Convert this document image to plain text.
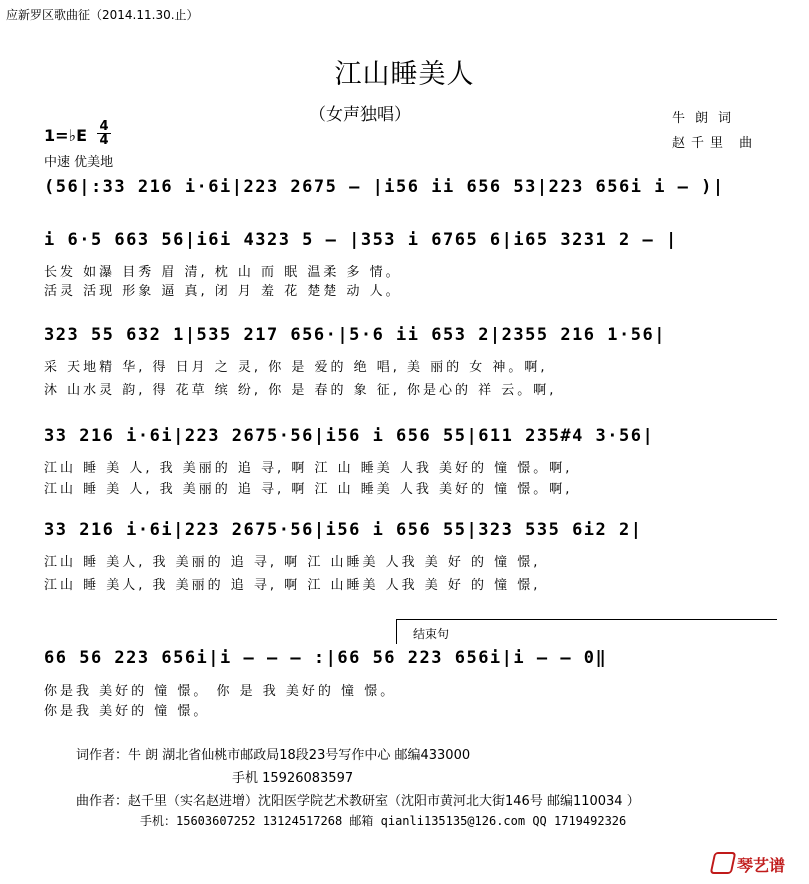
应新罗区歌曲征（2014.11.30.止）
江山睡美人
（女声独唱）	牛朗词
赵千里 曲
1=♭E 4
4
中速 优美地
(56|:33 216 i·6i|223 2675 – |i56 ii 656 53|223 656i i – )|
i 6·5 663 56|i6i 4323 5 – |353 i 6765 6|i65 3231 2 – |
长发 如瀑 目秀 眉 清, 枕 山 而 眠 温柔 多 情。
活灵 活现 形象 逼 真, 闭 月 羞 花 楚楚 动 人。
323 55 632 1|535 217 656·|5·6 ii 653 2|2355 216 1·56|
采 天地精 华, 得 日月 之 灵, 你 是 爱的 绝 唱, 美 丽的 女 神。啊,
沐 山水灵 韵, 得 花草 缤 纷, 你 是 春的 象 征, 你是心的 祥 云。啊,
33 216 i·6i|223 2675·56|i56 i 656 55|611 235#4 3·56|
江山 睡 美 人, 我 美丽的 追 寻, 啊 江 山 睡美 人我 美好的 憧 憬。啊,
江山 睡 美 人, 我 美丽的 追 寻, 啊 江 山 睡美 人我 美好的 憧 憬。啊,
33 216 i·6i|223 2675·56|i56 i 656 55|323 535 6i2 2|
江山 睡 美人, 我 美丽的 追 寻, 啊 江 山睡美 人我 美 好 的 憧 憬,
江山 睡 美人, 我 美丽的 追 寻, 啊 江 山睡美 人我 美 好 的 憧 憬,
结束句
66 56 223 656i|i – – – :|66 56 223 656i|i – – 0‖
你是我 美好的 憧 憬。 你 是 我 美好的 憧 憬。
你是我 美好的 憧 憬。
词作者：牛 朗 湖北省仙桃市邮政局18段23号写作中心 邮编433000
手机 15926083597
曲作者：赵千里（实名赵进增）沈阳医学院艺术教研室（沈阳市黄河北大街146号 邮编110034 ）
手机：15603607252 13124517268 邮箱 qianli135135@126.com QQ 1719492326
琴艺谱
